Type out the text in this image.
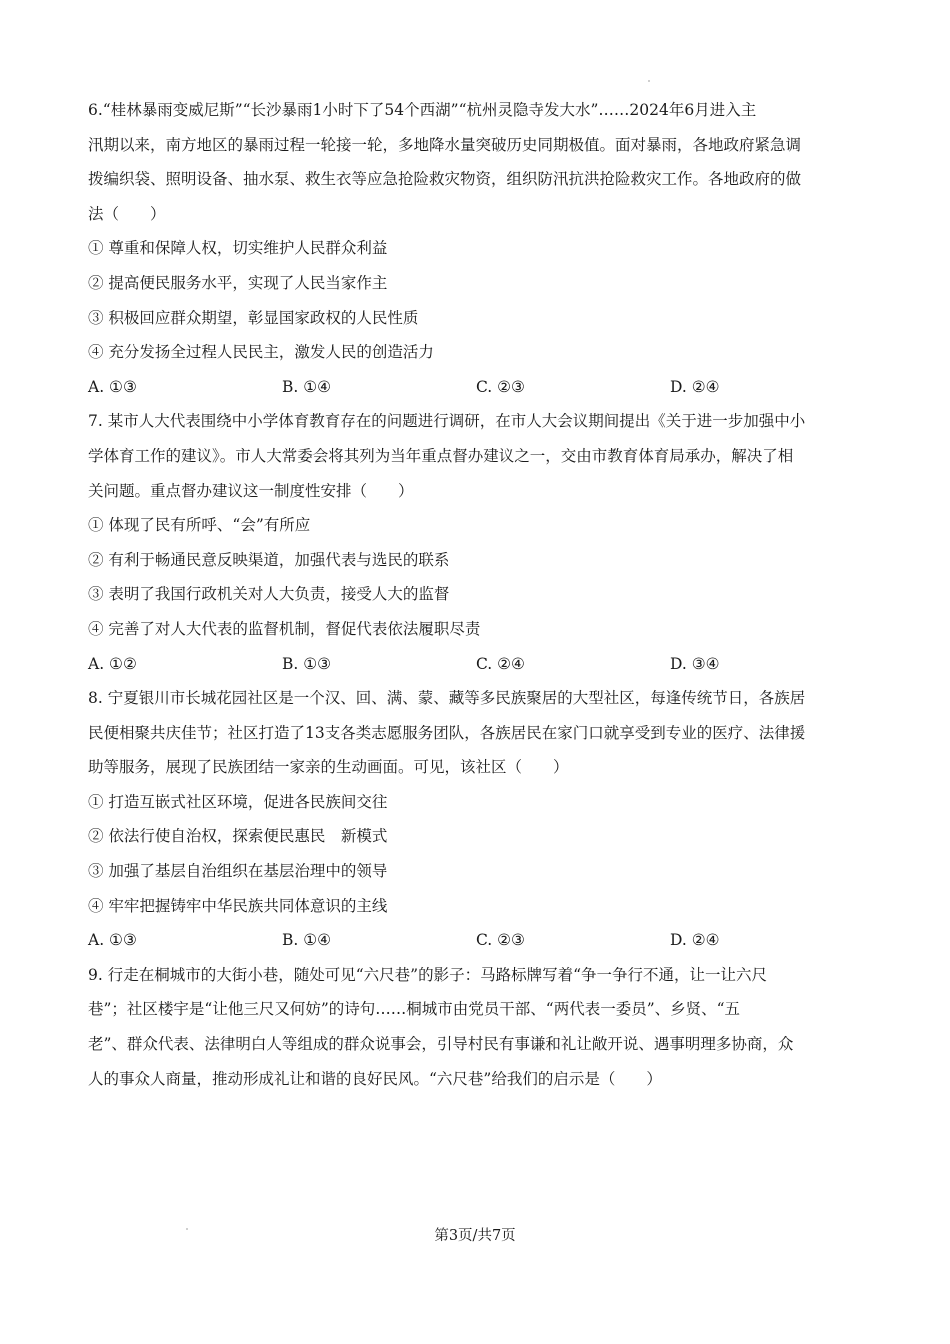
6.“桂林暴雨变威尼斯”“长沙暴雨1小时下了54个西湖”“杭州灵隐寺发大水”……2024年6月进入主
汛期以来，南方地区的暴雨过程一轮接一轮，多地降水量突破历史同期极值。面对暴雨，各地政府紧急调
拨编织袋、照明设备、抽水泵、救生衣等应急抢险救灾物资，组织防汛抗洪抢险救灾工作。各地政府的做
法（　　）
① 尊重和保障人权，切实维护人民群众利益
② 提高便民服务水平，实现了人民当家作主
③ 积极回应群众期望，彰显国家政权的人民性质
④ 充分发扬全过程人民民主，激发人民的创造活力
A. ①③	B. ①④	C. ②③	D. ②④
7. 某市人大代表围绕中小学体育教育存在的问题进行调研，在市人大会议期间提出《关于进一步加强中小
学体育工作的建议》。市人大常委会将其列为当年重点督办建议之一，交由市教育体育局承办，解决了相
关问题。重点督办建议这一制度性安排（　　）
① 体现了民有所呼、“会”有所应
② 有利于畅通民意反映渠道，加强代表与选民的联系
③ 表明了我国行政机关对人大负责，接受人大的监督
④ 完善了对人大代表的监督机制，督促代表依法履职尽责
A. ①②	B. ①③	C. ②④	D. ③④
8. 宁夏银川市长城花园社区是一个汉、回、满、蒙、藏等多民族聚居的大型社区，每逢传统节日，各族居
民便相聚共庆佳节；社区打造了13支各类志愿服务团队，各族居民在家门口就享受到专业的医疗、法律援
助等服务，展现了民族团结一家亲的生动画面。可见，该社区（　　）
① 打造互嵌式社区环境，促进各民族间交往
② 依法行使自治权，探索便民惠民　新模式
③ 加强了基层自治组织在基层治理中的领导
④ 牢牢把握铸牢中华民族共同体意识的主线
A. ①③	B. ①④	C. ②③	D. ②④
9. 行走在桐城市的大街小巷，随处可见“六尺巷”的影子：马路标牌写着“争一争行不通，让一让六尺
巷”；社区楼宇是“让他三尺又何妨”的诗句……桐城市由党员干部、“两代表一委员”、乡贤、“五
老”、群众代表、法律明白人等组成的群众说事会，引导村民有事谦和礼让敞开说、遇事明理多协商，众
人的事众人商量，推动形成礼让和谐的良好民风。“六尺巷”给我们的启示是（　　）
第3页/共7页
